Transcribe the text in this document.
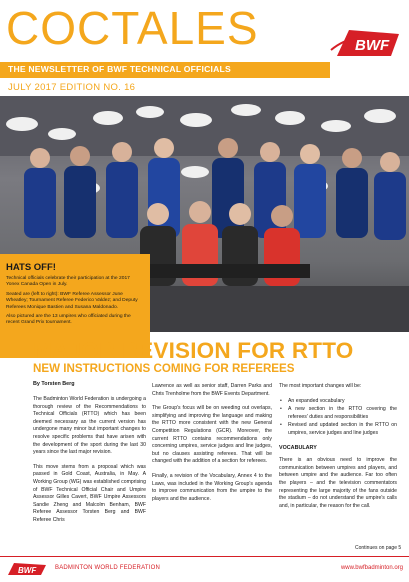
COCTALES	BWF
THE NEWSLETTER OF BWF TECHNICAL OFFICIALS
JULY 2017 EDITION NO. 16
HATS OFF!

Technical officials celebrate their participation at the 2017 Yonex Canada Open in July.

Seated are (left to right): BWF Referee Assessor June Wheatley; Tournament Referee Federico Valdez; and Deputy Referees Monique Bastien and Susana Maldonado.

Also pictured are the 13 umpires who officiated during the recent Grand Prix tournament.

MAJOR REVISION FOR RTTO
NEW INSTRUCTIONS COMING FOR REFEREES
By Torsten Berg

The Badminton World Federation is undergoing a thorough review of the Recommendations to Technical Officials (RTTO) which has been deemed necessary as the current version has undergone many minor but important changes to resolve specific problems that have arisen with the development of the sport during the last 30 years since the last major revision.

This move stems from a proposal which was passed in Gold Coast, Australia, in May. A Working Group (WG) was established comprising of BWF Technical Official Chair and Umpire Assessor Gilles Cavert, BWF Umpire Assessors Sandie Zheng and Malcolm Benham, BWF Referee Assessor Torsten Berg and BWF Referee Chris

Lawrence as well as senior staff, Darren Parks and Chris Trenholme from the BWF Events Department.

The Group's focus will be on weeding out overlaps, simplifying and improving the language and making the RTTO more consistent with the new General Competition Regulations (GCR). Moreover, the current RTTO contains recommendations only concerning umpires, service judges and line judges, but no clauses assisting referees. That will be changed with the addition of a section for referees.

Finally, a revision of the Vocabulary, Annex 4 to the Laws, was included in the Working Group's agenda to improve communication from the umpire to the players and the audience.

The most important changes will be:

• An expanded vocabulary
• A new section in the RTTO covering the referees' duties and responsibilities
• Revised and updated section in the RTTO on umpires, service judges and line judges
VOCABULARY

There is an obvious need to improve the communication between umpires and players, and between umpire and the audience. Far too often the players – and the television commentators representing the large majority of the fans outside the stadium – do not understand the umpire's calls and, in particular, the reason for the call.

Continues on page 5
BWF	BADMINTON WORLD FEDERATION	www.bwfbadminton.org
